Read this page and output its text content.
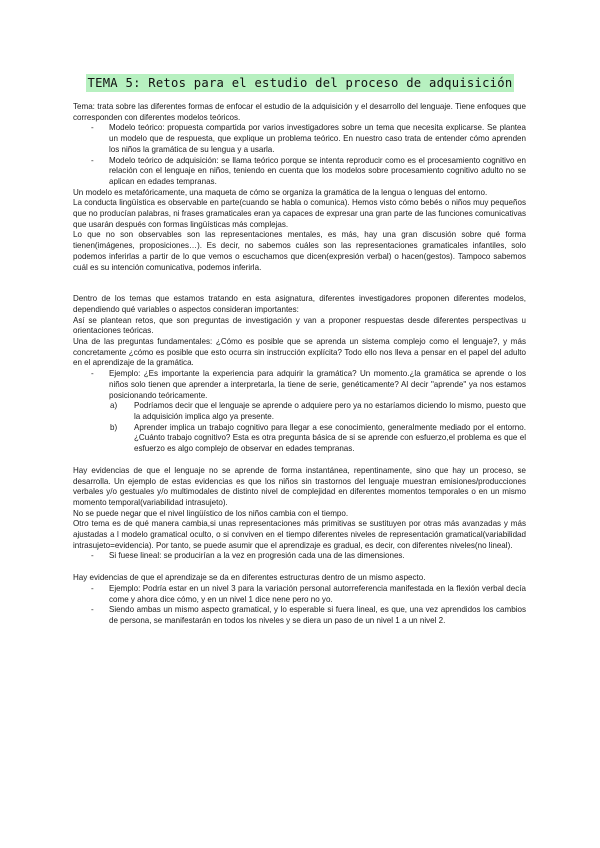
TEMA 5: Retos para el estudio del proceso de adquisición

Tema: trata sobre las diferentes formas de enfocar el estudio de la adquisición y el desarrollo del lenguaje. Tiene enfoques que corresponden con diferentes modelos teóricos.

- Modelo teórico: propuesta compartida por varios investigadores sobre un tema que necesita explicarse. Se plantea un modelo que de respuesta, que explique un problema teórico. En nuestro caso trata de entender cómo aprenden los niños la gramática de su lengua y a usarla.
- Modelo teórico de adquisición: se llama teórico porque se intenta reproducir como es el procesamiento cognitivo en relación con el lenguaje en niños, teniendo en cuenta que los modelos sobre procesamiento cognitivo adulto no se aplican en edades tempranas.

Un modelo es metafóricamente, una maqueta de cómo se organiza la gramática de la lengua o lenguas del entorno.

La conducta lingüística es observable en parte(cuando se habla o comunica). Hemos visto cómo bebés o niños muy pequeños que no producían palabras, ni frases gramaticales eran ya capaces de expresar una gran parte de las funciones comunicativas que usarán después con formas lingüísticas más complejas.

Lo que no son observables son las representaciones mentales, es más, hay una gran discusión sobre qué forma tienen(imágenes, proposiciones…). Es decir, no sabemos cuáles son las representaciones gramaticales infantiles, solo podemos inferirlas a partir de lo que vemos o escuchamos que dicen(expresión verbal) o hacen(gestos). Tampoco sabemos cuál es su intención comunicativa, podemos inferirla.

Dentro de los temas que estamos tratando en esta asignatura, diferentes investigadores proponen diferentes modelos, dependiendo qué variables o aspectos consideran importantes:

Así se plantean retos, que son preguntas de investigación y van a proponer respuestas desde diferentes perspectivas u orientaciones teóricas.

Una de las preguntas fundamentales: ¿Cómo es posible que se aprenda un sistema complejo como el lenguaje?, y más concretamente ¿cómo es posible que esto ocurra sin instrucción explícita? Todo ello nos lleva a pensar en el papel del adulto en el aprendizaje de la gramática.

- Ejemplo: ¿Es importante la experiencia para adquirir la gramática? Un momento.¿la gramática se aprende o los niños solo tienen que aprender a interpretarla, la tiene de serie, genéticamente? Al decir "aprende" ya nos estamos posicionando teóricamente.
a) Podríamos decir que el lenguaje se aprende o adquiere pero ya no estaríamos diciendo lo mismo, puesto que la adquisición implica algo ya presente.
b) Aprender implica un trabajo cognitivo para llegar a ese conocimiento, generalmente mediado por el entorno. ¿Cuánto trabajo cognitivo? Esta es otra pregunta básica de si se aprende con esfuerzo,el problema es que el esfuerzo es algo complejo de observar en edades tempranas.

Hay evidencias de que el lenguaje no se aprende de forma instantánea, repentinamente, sino que hay un proceso, se desarrolla. Un ejemplo de estas evidencias es que los niños sin trastornos del lenguaje muestran emisiones/producciones verbales y/o gestuales y/o multimodales de distinto nivel de complejidad en diferentes momentos temporales o en un mismo momento temporal(variabilidad intrasujeto).

No se puede negar que el nivel lingüístico de los niños cambia con el tiempo.

Otro tema es de qué manera cambia,si unas representaciones más primitivas se sustituyen por otras más avanzadas y más ajustadas a l modelo gramatical oculto, o si conviven en el tiempo diferentes niveles de representación gramatical(variabilidad intrasujeto=evidencia). Por tanto, se puede asumir que el aprendizaje es gradual, es decir, con diferentes niveles(no lineal).

- Si fuese lineal: se producirían a la vez en progresión cada una de las dimensiones.

Hay evidencias de que el aprendizaje se da en diferentes estructuras dentro de un mismo aspecto.

- Ejemplo: Podría estar en un nivel 3 para la variación personal autorreferencia manifestada en la flexión verbal decía come y ahora dice cómo, y en un nivel 1 dice nene pero no yo.
- Siendo ambas un mismo aspecto gramatical, y lo esperable si fuera lineal, es que, una vez aprendidos los cambios de persona, se manifestarán en todos los niveles y se diera un paso de un nivel 1 a un nivel 2.
